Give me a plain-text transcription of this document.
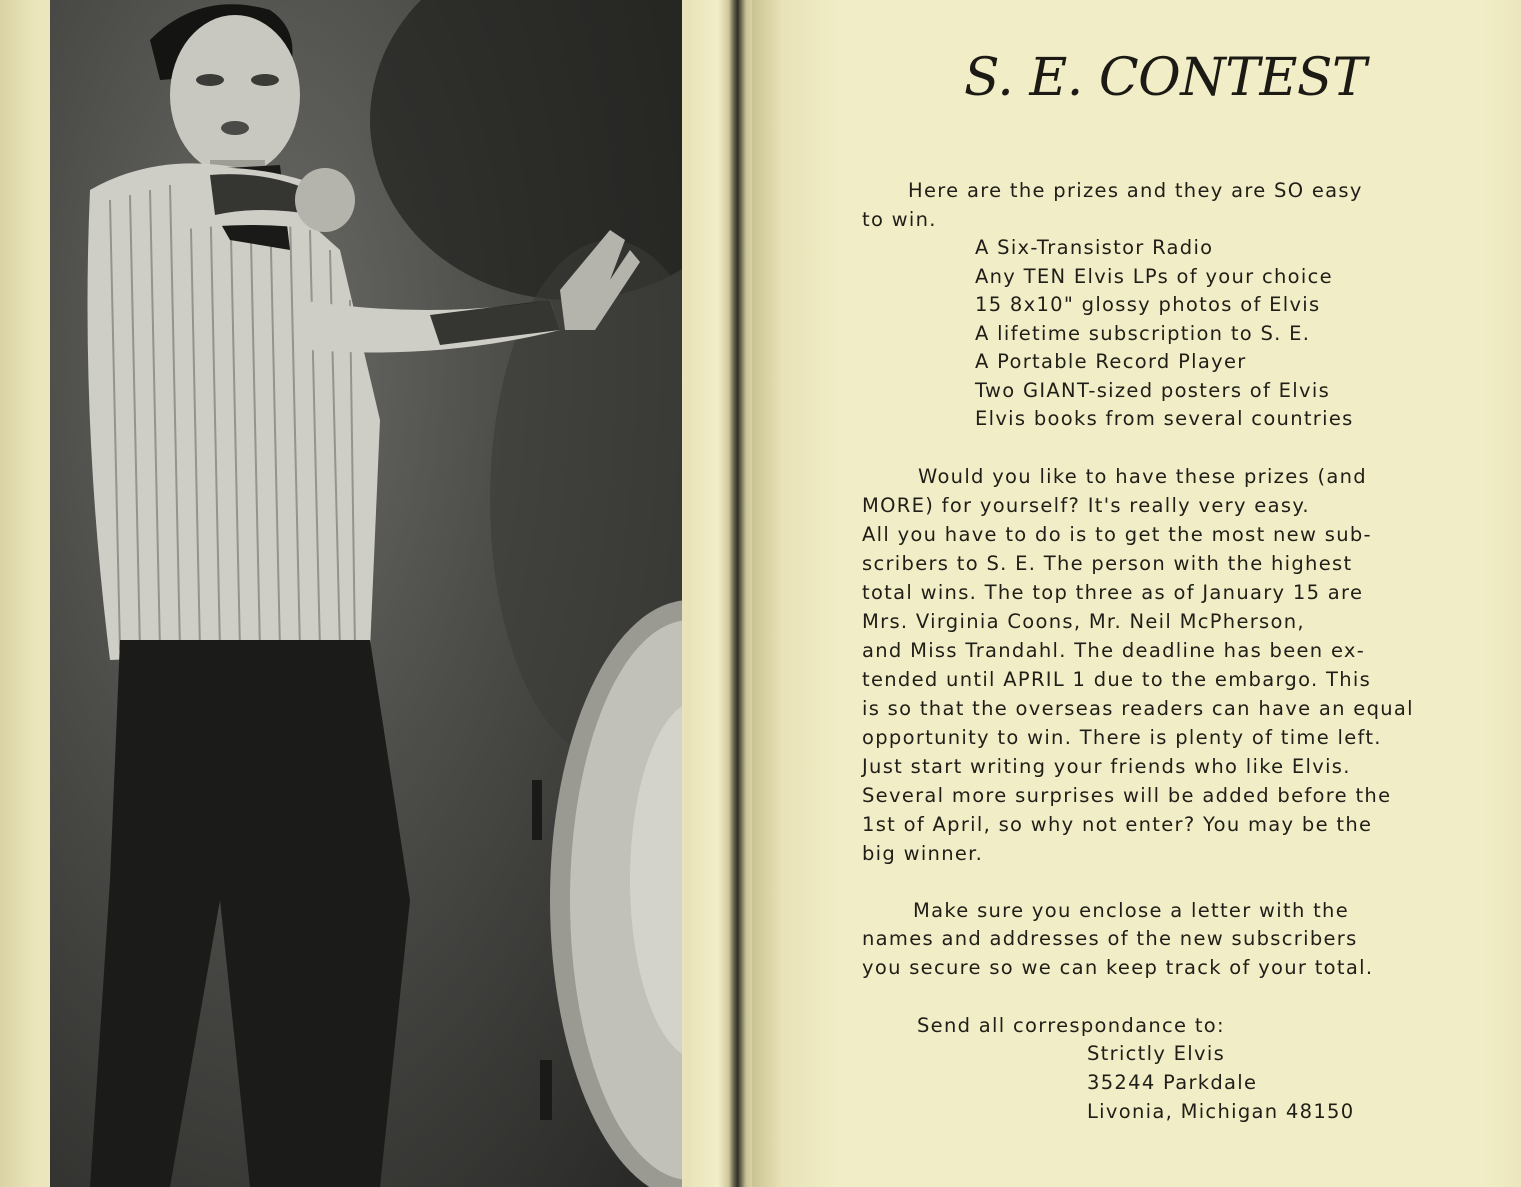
S. E. CONTEST
Here are the prizes and they are SO easy
to win.
A Six-Transistor Radio
Any TEN Elvis LPs of your choice
15 8x10" glossy photos of Elvis
A lifetime subscription to S. E.
A Portable Record Player
Two GIANT-sized posters of Elvis
Elvis books from several countries
Would you like to have these prizes (and
MORE) for yourself? It's really very easy.
All you have to do is to get the most new sub-
scribers to S. E. The person with the highest
total wins. The top three as of January 15 are
Mrs. Virginia Coons, Mr. Neil McPherson,
and Miss Trandahl. The deadline has been ex-
tended until APRIL 1 due to the embargo. This
is so that the overseas readers can have an equal
opportunity to win. There is plenty of time left.
Just start writing your friends who like Elvis.
Several more surprises will be added before the
1st of April, so why not enter? You may be the
big winner.
Make sure you enclose a letter with the
names and addresses of the new subscribers
you secure so we can keep track of your total.
Send all correspondance to:
Strictly Elvis
35244 Parkdale
Livonia, Michigan 48150
